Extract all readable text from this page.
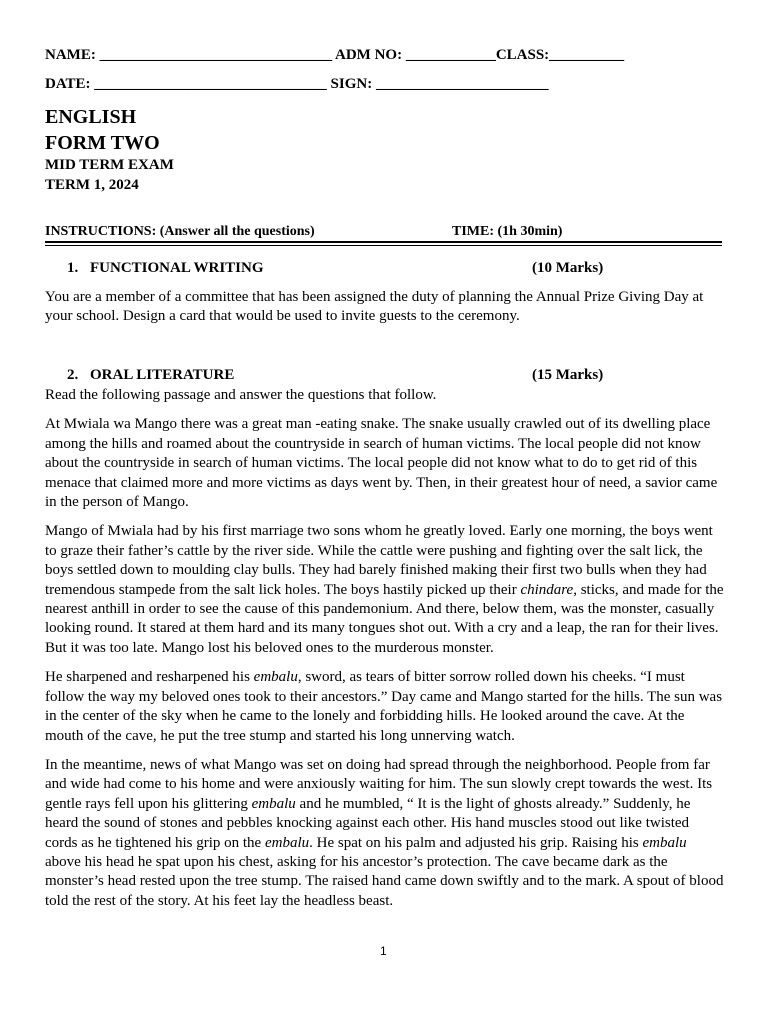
NAME: _______________________________ ADM NO: ____________CLASS:__________
DATE: _______________________________ SIGN: _______________________
ENGLISH
FORM TWO
MID TERM EXAM
TERM 1, 2024
INSTRUCTIONS: (Answer all the questions)	TIME: (1h 30min)
1. FUNCTIONAL WRITING	(10 Marks)
You are a member of a committee that has been assigned the duty of planning the Annual Prize Giving Day at your school. Design a card that would be used to invite guests to the ceremony.
2. ORAL LITERATURE	(15 Marks)

Read the following passage and answer the questions that follow.

At Mwiala wa Mango there was a great man -eating snake. The snake usually crawled out of its dwelling place among the hills and roamed about the countryside in search of human victims. The local people did not know about the countryside in search of human victims. The local people did not know what to do to get rid of this menace that claimed more and more victims as days went by. Then, in their greatest hour of need, a savior came in the person of Mango.

Mango of Mwiala had by his first marriage two sons whom he greatly loved. Early one morning, the boys went to graze their father’s cattle by the river side. While the cattle were pushing and fighting over the salt lick, the boys settled down to moulding clay bulls. They had barely finished making their first two bulls when they had tremendous stampede from the salt lick holes. The boys hastily picked up their chindare, sticks, and made for the nearest anthill in order to see the cause of this pandemonium. And there, below them, was the monster, casually looking round. It stared at them hard and its many tongues shot out. With a cry and a leap, the ran for their lives. But it was too late. Mango lost his beloved ones to the murderous monster.

He sharpened and resharpened his embalu, sword, as tears of bitter sorrow rolled down his cheeks. “I must follow the way my beloved ones took to their ancestors.” Day came and Mango started for the hills. The sun was in the center of the sky when he came to the lonely and forbidding hills. He looked around the cave. At the mouth of the cave, he put the tree stump and started his long unnerving watch.

In the meantime, news of what Mango was set on doing had spread through the neighborhood. People from far and wide had come to his home and were anxiously waiting for him. The sun slowly crept towards the west. Its gentle rays fell upon his glittering embalu and he mumbled, “ It is the light of ghosts already.” Suddenly, he heard the sound of stones and pebbles knocking against each other. His hand muscles stood out like twisted cords as he tightened his grip on the embalu. He spat on his palm and adjusted his grip. Raising his embalu above his head he spat upon his chest, asking for his ancestor’s protection. The cave became dark as the monster’s head rested upon the tree stump. The raised hand came down swiftly and to the mark. A spout of blood told the rest of the story. At his feet lay the headless beast.

1
